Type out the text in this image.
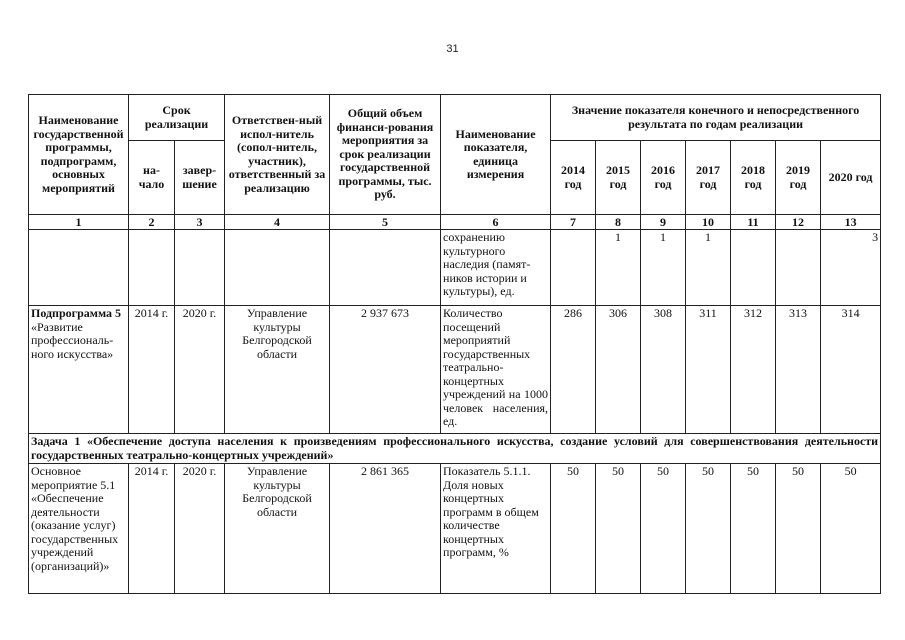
31
Наименование государственной программы, подпрограмм, основных мероприятий	Срок реализации		Ответствен-ный испол-нитель (сопол-нитель, участник), ответственный за реализацию	Общий объем финанси-рования мероприятия за срок реализации государственной программы, тыс. руб.	Наименование показателя, единица измерения	Значение показателя конечного и непосредственного результата по годам реализации						
	на-чало	завер-шение				2014 год	2015 год	2016 год	2017 год	2018 год	2019 год	2020 год
1	2	3	4	5	6	7	8	9	10	11	12	13
					сохранению культурного наследия (памят-ников истории и культуры), ед.		1	1	1			3
Подпрограмма 5 «Развитие профессиональ-ного искусства»	2014 г.	2020 г.	Управление культуры Белгородской области	2 937 673	Количество посещений мероприятий государственных театрально-концертных учреждений на 1000 человек населения, ед.	286	306	308	311	312	313	314
Задача 1 «Обеспечение доступа населения к произведениям профессионального искусства, создание условий для совершенствования деятельности государственных театрально-концертных учреждений»												
Основное мероприятие 5.1 «Обеспечение деятельности (оказание услуг) государственных учреждений (организаций)»	2014 г.	2020 г.	Управление культуры Белгородской области	2 861 365	Показатель 5.1.1. Доля новых концертных программ в общем количестве концертных программ, %	50	50	50	50	50	50	50
